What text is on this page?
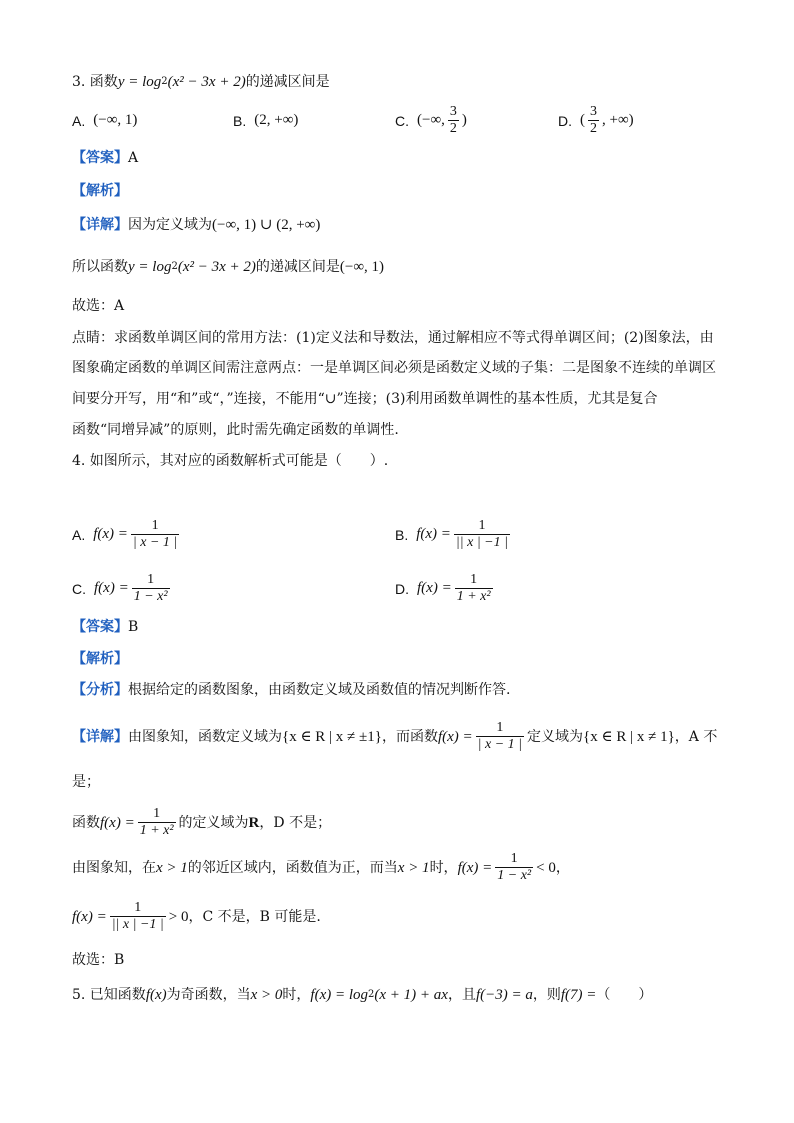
3. 函数 y = log 2 (x² − 3x + 2) 的递减区间是
A. (−∞, 1)	B. (2, +∞)	C. (−∞, $\frac{3}{2}$ )	D. ( $\frac{3}{2}$ , +∞)
【答案】 A
【解析】
【详解】 因为定义域为 (−∞, 1) ∪ (2, +∞)
所以函数 y = log 2 (x² − 3x + 2) 的递减区间是 (−∞, 1)
故选：A
点睛：求函数单调区间的常用方法：(1)定义法和导数法，通过解相应不等式得单调区间；(2)图象法，由
图象确定函数的单调区间需注意两点：一是单调区间必须是函数定义域的子集：二是图象不连续的单调区
间要分开写，用“和”或“，”连接，不能用“∪”连接；(3)利用函数单调性的基本性质，尤其是复合
函数“同增异减”的原则，此时需先确定函数的单调性.
4. 如图所示，其对应的函数解析式可能是（　　）.
A. $f(x) = \frac{1}{| x - 1 |}$	B. $f(x) = \frac{1}{|| x | -1 |}$
C. $f(x) = \frac{1}{\text{1 − x²}}$	D. $f(x) = \frac{1}{\text{1 + x²}}$
【答案】 B
【解析】
【分析】 根据给定的函数图象，由函数定义域及函数值的情况判断作答.
【详解】 由图象知，函数定义域为 {x ∈ R | x ≠ ±1} ，而函数 $f(x) = \frac{1}{| x - 1 |}$ 定义域为 {x ∈ R | x ≠ 1} ，A 不
是；
函数 $f(x) = \frac{1}{\text{1 + x²}}$ 的定义域为 R ，D 不是；
由图象知，在 x > 1 的邻近区域内，函数值为正，而当 x > 1 时， $f(x) = \frac{1}{\text{1 − x²}} < 0$ ，
$f(x) = \frac{1}{|| x | -1 |} > 0$ ，C 不是，B 可能是.
故选：B
5. 已知函数 f(x) 为奇函数，当 x > 0 时， f(x) = log 2 (x + 1) + ax ，且 f(−3) = a ，则 f(7) = （　　）
